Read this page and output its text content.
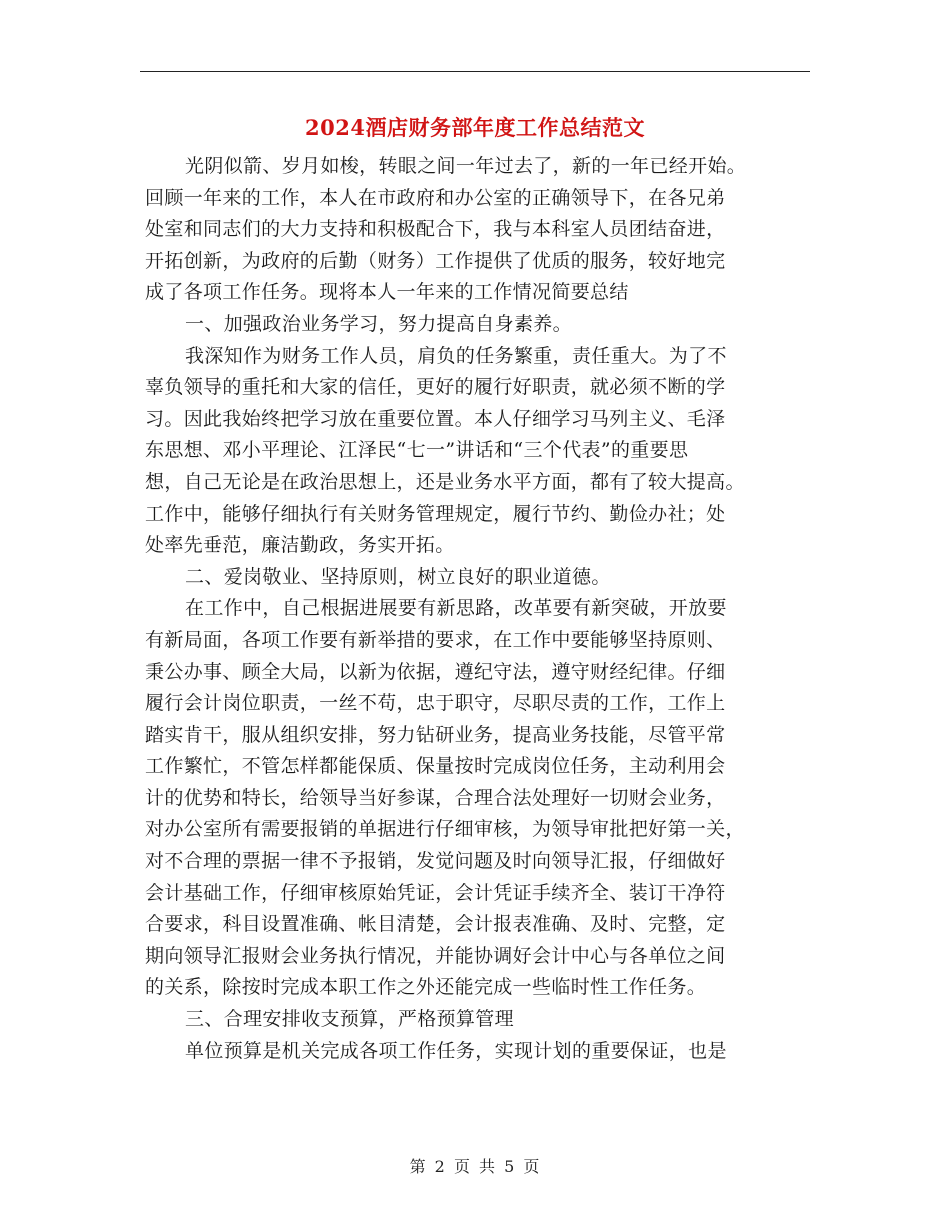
2024酒店财务部年度工作总结范文
光阴似箭、岁月如梭，转眼之间一年过去了，新的一年已经开始。
回顾一年来的工作，本人在市政府和办公室的正确领导下，在各兄弟
处室和同志们的大力支持和积极配合下，我与本科室人员团结奋进，
开拓创新，为政府的后勤（财务）工作提供了优质的服务，较好地完
成了各项工作任务。现将本人一年来的工作情况简要总结
一、加强政治业务学习，努力提高自身素养。
我深知作为财务工作人员，肩负的任务繁重，责任重大。为了不
辜负领导的重托和大家的信任，更好的履行好职责，就必须不断的学
习。因此我始终把学习放在重要位置。本人仔细学习马列主义、毛泽
东思想、邓小平理论、江泽民“七一”讲话和“三个代表”的重要思
想，自己无论是在政治思想上，还是业务水平方面，都有了较大提高。
工作中，能够仔细执行有关财务管理规定，履行节约、勤俭办社；处
处率先垂范，廉洁勤政，务实开拓。
二、爱岗敬业、坚持原则，树立良好的职业道德。
在工作中，自己根据进展要有新思路，改革要有新突破，开放要
有新局面，各项工作要有新举措的要求，在工作中要能够坚持原则、
秉公办事、顾全大局，以新为依据，遵纪守法，遵守财经纪律。仔细
履行会计岗位职责，一丝不苟，忠于职守，尽职尽责的工作，工作上
踏实肯干，服从组织安排，努力钻研业务，提高业务技能，尽管平常
工作繁忙，不管怎样都能保质、保量按时完成岗位任务，主动利用会
计的优势和特长，给领导当好参谋，合理合法处理好一切财会业务，
对办公室所有需要报销的单据进行仔细审核，为领导审批把好第一关，
对不合理的票据一律不予报销，发觉问题及时向领导汇报，仔细做好
会计基础工作，仔细审核原始凭证，会计凭证手续齐全、装订干净符
合要求，科目设置准确、帐目清楚，会计报表准确、及时、完整，定
期向领导汇报财会业务执行情况，并能协调好会计中心与各单位之间
的关系，除按时完成本职工作之外还能完成一些临时性工作任务。
三、合理安排收支预算，严格预算管理
单位预算是机关完成各项工作任务，实现计划的重要保证，也是
第 2 页 共 5 页
